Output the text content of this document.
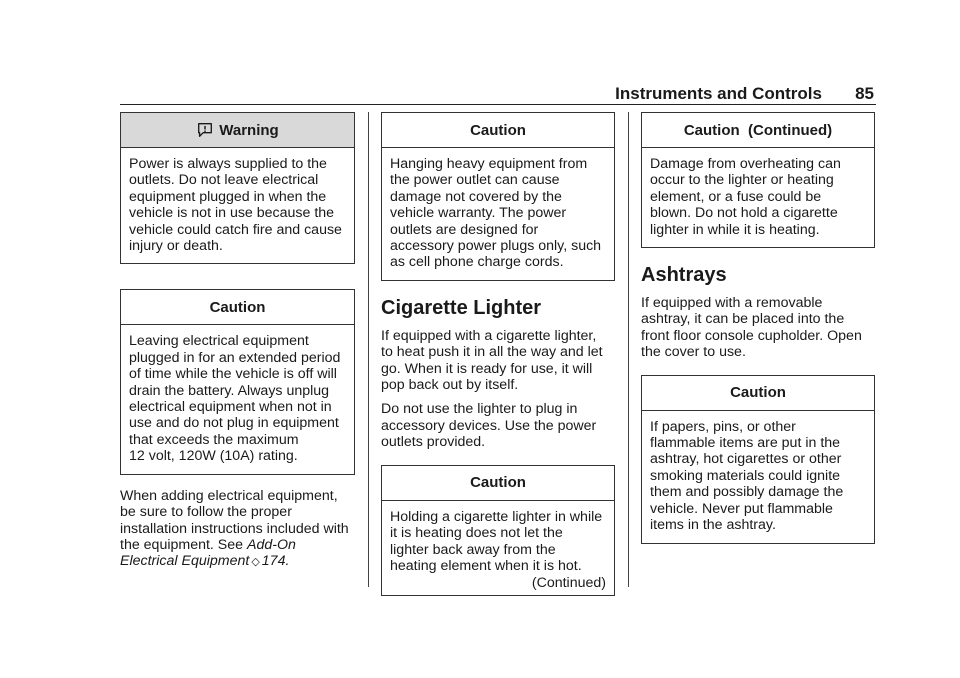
Instruments and Controls 85
Warning
Power is always supplied to the
outlets. Do not leave electrical
equipment plugged in when the
vehicle is not in use because the
vehicle could catch fire and cause
injury or death.
Caution
Leaving electrical equipment
plugged in for an extended period
of time while the vehicle is off will
drain the battery. Always unplug
electrical equipment when not in
use and do not plug in equipment
that exceeds the maximum
12 volt, 120W (10A) rating.
When adding electrical equipment,
be sure to follow the proper
installation instructions included with
the equipment. See Add-On
Electrical Equipment ◇ 174.
Caution
Hanging heavy equipment from
the power outlet can cause
damage not covered by the
vehicle warranty. The power
outlets are designed for
accessory power plugs only, such
as cell phone charge cords.
Cigarette Lighter
If equipped with a cigarette lighter,
to heat push it in all the way and let
go. When it is ready for use, it will
pop back out by itself.
Do not use the lighter to plug in
accessory devices. Use the power
outlets provided.
Caution
Holding a cigarette lighter in while
it is heating does not let the
lighter back away from the
heating element when it is hot.
(Continued)
Caution  (Continued)
Damage from overheating can
occur to the lighter or heating
element, or a fuse could be
blown. Do not hold a cigarette
lighter in while it is heating.
Ashtrays
If equipped with a removable
ashtray, it can be placed into the
front floor console cupholder. Open
the cover to use.
Caution
If papers, pins, or other
flammable items are put in the
ashtray, hot cigarettes or other
smoking materials could ignite
them and possibly damage the
vehicle. Never put flammable
items in the ashtray.
